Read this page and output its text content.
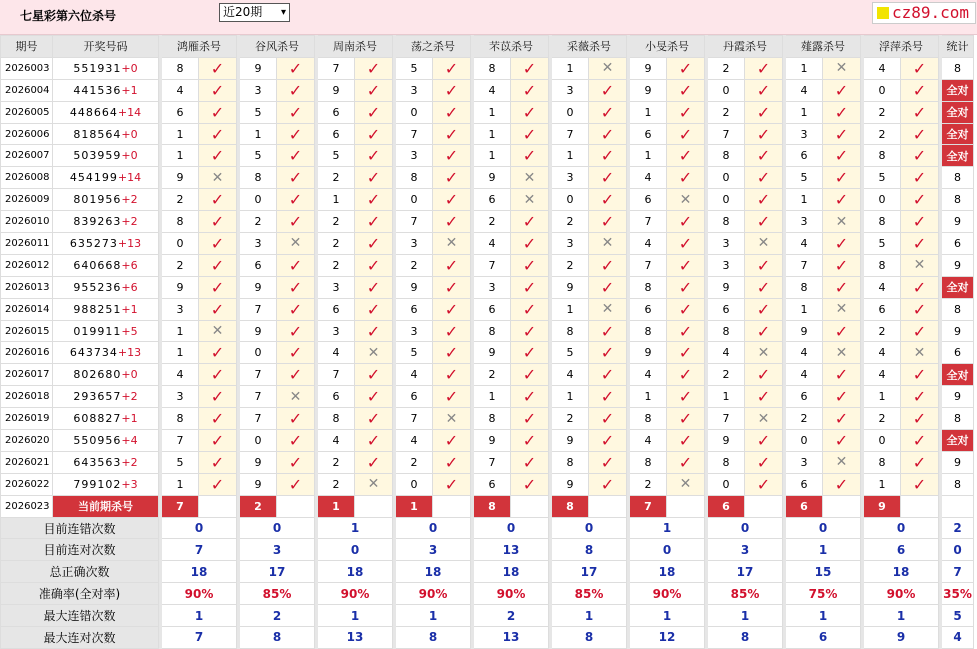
七星彩第六位杀号	近20期 ▾	cz89.com
期号	开奖号码		鸿雁杀号			谷风杀号			周南杀号			荡之杀号			芣苡杀号			采薇杀号			小旻杀号			丹霞杀号			薤露杀号			浮萍杀号			统计
2026003	551931+0		8	✓		9	✓		7	✓		5	✓		8	✓		1	✕		9	✓		2	✓		1	✕		4	✓		8
2026004	441536+1		4	✓		3	✓		9	✓		3	✓		4	✓		3	✓		9	✓		0	✓		4	✓		0	✓		全对
2026005	448664+14		6	✓		5	✓		6	✓		0	✓		1	✓		0	✓		1	✓		2	✓		1	✓		2	✓		全对
2026006	818564+0		1	✓		1	✓		6	✓		7	✓		1	✓		7	✓		6	✓		7	✓		3	✓		2	✓		全对
2026007	503959+0		1	✓		5	✓		5	✓		3	✓		1	✓		1	✓		1	✓		8	✓		6	✓		8	✓		全对
2026008	454199+14		9	✕		8	✓		2	✓		8	✓		9	✕		3	✓		4	✓		0	✓		5	✓		5	✓		8
2026009	801956+2		2	✓		0	✓		1	✓		0	✓		6	✕		0	✓		6	✕		0	✓		1	✓		0	✓		8
2026010	839263+2		8	✓		2	✓		2	✓		7	✓		2	✓		2	✓		7	✓		8	✓		3	✕		8	✓		9
2026011	635273+13		0	✓		3	✕		2	✓		3	✕		4	✓		3	✕		4	✓		3	✕		4	✓		5	✓		6
2026012	640668+6		2	✓		6	✓		2	✓		2	✓		7	✓		2	✓		7	✓		3	✓		7	✓		8	✕		9
2026013	955236+6		9	✓		9	✓		3	✓		9	✓		3	✓		9	✓		8	✓		9	✓		8	✓		4	✓		全对
2026014	988251+1		3	✓		7	✓		6	✓		6	✓		6	✓		1	✕		6	✓		6	✓		1	✕		6	✓		8
2026015	019911+5		1	✕		9	✓		3	✓		3	✓		8	✓		8	✓		8	✓		8	✓		9	✓		2	✓		9
2026016	643734+13		1	✓		0	✓		4	✕		5	✓		9	✓		5	✓		9	✓		4	✕		4	✕		4	✕		6
2026017	802680+0		4	✓		7	✓		7	✓		4	✓		2	✓		4	✓		4	✓		2	✓		4	✓		4	✓		全对
2026018	293657+2		3	✓		7	✕		6	✓		6	✓		1	✓		1	✓		1	✓		1	✓		6	✓		1	✓		9
2026019	608827+1		8	✓		7	✓		8	✓		7	✕		8	✓		2	✓		8	✓		7	✕		2	✓		2	✓		8
2026020	550956+4		7	✓		0	✓		4	✓		4	✓		9	✓		9	✓		4	✓		9	✓		0	✓		0	✓		全对
2026021	643563+2		5	✓		9	✓		2	✓		2	✓		7	✓		8	✓		8	✓		8	✓		3	✕		8	✓		9
2026022	799102+3		1	✓		9	✓		2	✕		0	✓		6	✓		9	✓		2	✕		0	✓		6	✓		1	✓		8
2026023	当前期杀号		7			2			1			1			8			8			7			6			6			9			
目前连错次数			0			0			1			0			0			0			1			0			0			0			2
目前连对次数			7			3			0			3			13			8			0			3			1			6			0
总正确次数			18			17			18			18			18			17			18			17			15			18			7
准确率(全对率)			90%			85%			90%			90%			90%			85%			90%			85%			75%			90%			35%
最大连错次数			1			2			1			1			2			1			1			1			1			1			5
最大连对次数			7			8			13			8			13			8			12			8			6			9			4
